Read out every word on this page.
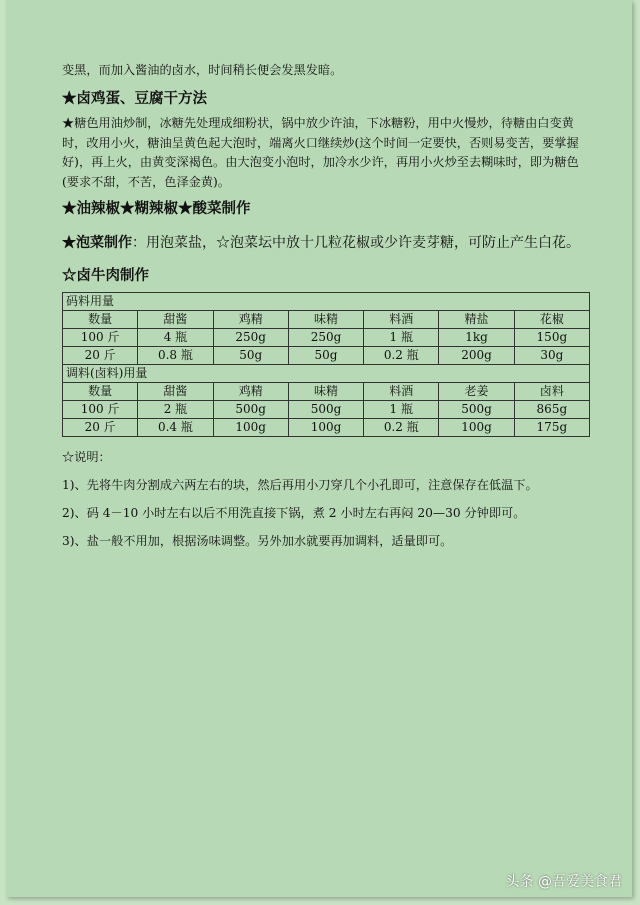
变黑，而加入酱油的卤水，时间稍长便会发黑发暗。

★卤鸡蛋、豆腐干方法

★糖色用油炒制，冰糖先处理成细粉状，锅中放少许油，下冰糖粉，用中火慢炒，待糖由白变黄时，改用小火，糖油呈黄色起大泡时，端离火口继续炒(这个时间一定要快，否则易变苦，要掌握好)，再上火，由黄变深褐色。由大泡变小泡时，加冷水少许，再用小火炒至去糊味时，即为糖色(要求不甜，不苦，色泽金黄)。

★油辣椒★糊辣椒★酸菜制作

★泡菜制作：用泡菜盐，☆泡菜坛中放十几粒花椒或少许麦芽糖，可防止产生白花。

☆卤牛肉制作

码料用量						
数量	甜酱	鸡精	味精	料酒	精盐	花椒
100 斤	4 瓶	250g	250g	1 瓶	1kg	150g
20 斤	0.8 瓶	50g	50g	0.2 瓶	200g	30g
调料(卤料)用量						
数量	甜酱	鸡精	味精	料酒	老姜	卤料
100 斤	2 瓶	500g	500g	1 瓶	500g	865g
20 斤	0.4 瓶	100g	100g	0.2 瓶	100g	175g
☆说明：
1)、先将牛肉分割成六两左右的块，然后再用小刀穿几个小孔即可，注意保存在低温下。
2)、码 4－10 小时左右以后不用洗直接下锅，煮 2 小时左右再闷 20—30 分钟即可。
3)、盐一般不用加，根据汤味调整。另外加水就要再加调料，适量即可。
头条 @吾爱美食君
